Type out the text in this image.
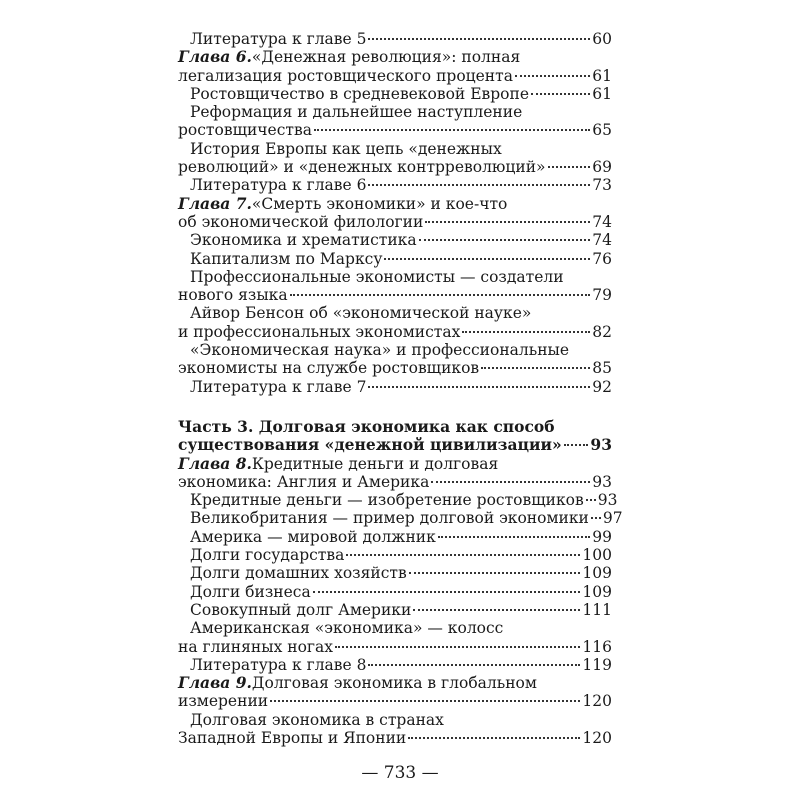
Литература к главе 5	60
Глава 6. «Денежная революция»: полная
легализация ростовщического процента	61
Ростовщичество в средневековой Европе	61
Реформация и дальнейшее наступление
ростовщичества	65
История Европы как цепь «денежных
революций» и «денежных контрреволюций»	69
Литература к главе 6	73
Глава 7. «Смерть экономики» и кое-что
об экономической филологии	74
Экономика и хрематистика	74
Капитализм по Марксу	76
Профессиональные экономисты — создатели
нового языка	79
Айвор Бенсон об «экономической науке»
и профессиональных экономистах	82
«Экономическая наука» и профессиональные
экономисты на службе ростовщиков	85
Литература к главе 7	92
Часть 3. Долговая экономика как способ
существования «денежной цивилизации» 93
Глава 8. Кредитные деньги и долговая
экономика: Англия и Америка	93
Кредитные деньги — изобретение ростовщиков 93
Великобритания — пример долговой экономики 97
Америка — мировой должник	99
Долги государства	100
Долги домашних хозяйств	109
Долги бизнеса	109
Совокупный долг Америки	111
Американская «экономика» — колосс
на глиняных ногах	116
Литература к главе 8	119
Глава 9. Долговая экономика в глобальном
измерении	120
Долговая экономика в странах
Западной Европы и Японии	120
— 733 —
